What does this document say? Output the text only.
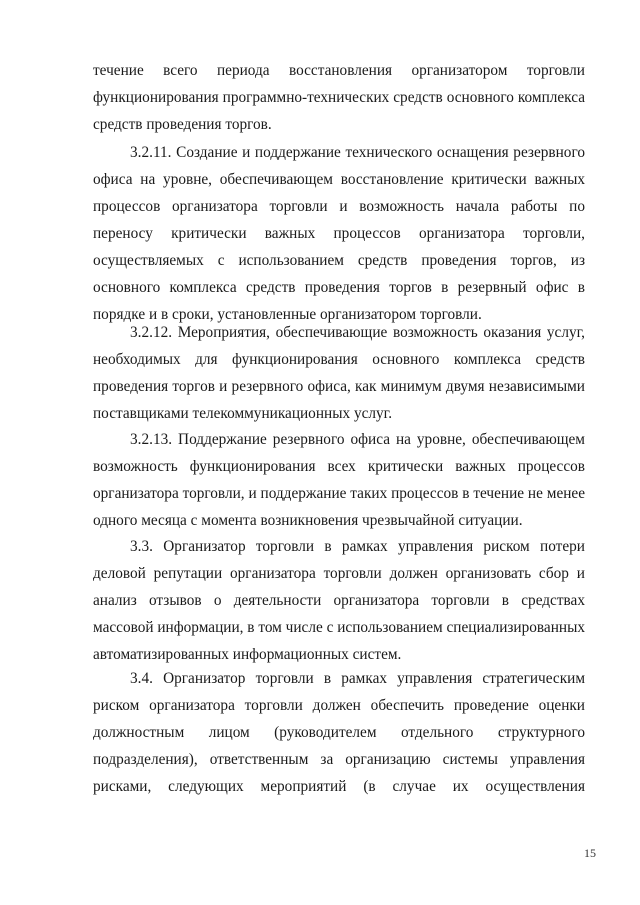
течение всего периода восстановления организатором торговли
функционирования программно-технических средств основного комплекса
средств проведения торгов.
3.2.11. Создание и поддержание технического оснащения резервного
офиса на уровне, обеспечивающем восстановление критически важных
процессов организатора торговли и возможность начала работы по
переносу критически важных процессов организатора торговли,
осуществляемых с использованием средств проведения торгов, из
основного комплекса средств проведения торгов в резервный офис в
порядке и в сроки, установленные организатором торговли.
3.2.12. Мероприятия, обеспечивающие возможность оказания услуг,
необходимых для функционирования основного комплекса средств
проведения торгов и резервного офиса, как минимум двумя независимыми
поставщиками телекоммуникационных услуг.
3.2.13. Поддержание резервного офиса на уровне, обеспечивающем
возможность функционирования всех критически важных процессов
организатора торговли, и поддержание таких процессов в течение не менее
одного месяца с момента возникновения чрезвычайной ситуации.
3.3. Организатор торговли в рамках управления риском потери
деловой репутации организатора торговли должен организовать сбор и
анализ отзывов о деятельности организатора торговли в средствах
массовой информации, в том числе с использованием специализированных
автоматизированных информационных систем.
3.4. Организатор торговли в рамках управления стратегическим
риском организатора торговли должен обеспечить проведение оценки
должностным лицом (руководителем отдельного структурного
подразделения), ответственным за организацию системы управления
рисками, следующих мероприятий (в случае их осуществления
15
